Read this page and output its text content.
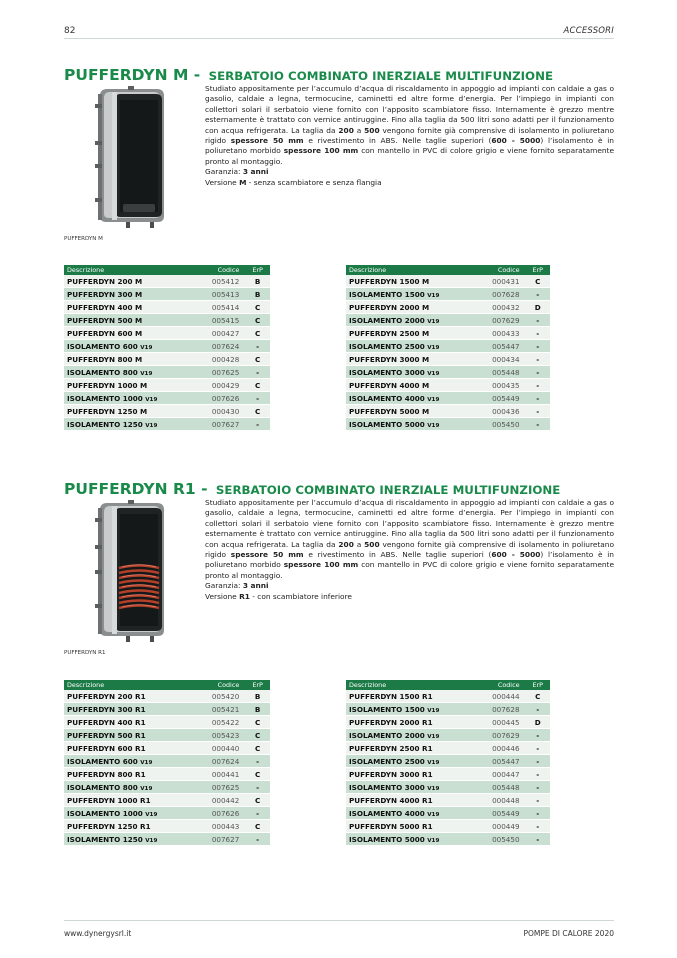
82	ACCESSORI
PUFFERDYN M - SERBATOIO COMBINATO INERZIALE MULTIFUNZIONE
PUFFERDYN M

Studiato appositamente per l’accumulo d’acqua di riscaldamento in appoggio ad impianti con caldaie a gas o gasolio, caldaie a legna, termocucine, caminetti ed altre forme d’energia. Per l’impiego in impianti con collettori solari il serbatoio viene fornito con l’apposito scambiatore fisso. Internamente è grezzo mentre esternamente è trattato con vernice antiruggine. Fino alla taglia da 500 litri sono adatti per il funzionamento con acqua refrigerata. La taglia da 200 a 500 vengono fornite già comprensive di isolamento in poliuretano rigido spessore 50 mm e rivestimento in ABS. Nelle taglie superiori (600 - 5000) l’isolamento è in poliuretano morbido spessore 100 mm con mantello in PVC di colore grigio e viene fornito separatamente pronto al montaggio.

Garanzia: 3 anni

Versione M - senza scambiatore e senza flangia

Descrizione	Codice	ErP
PUFFERDYN 200 M	005412	B
PUFFERDYN 300 M	005413	B
PUFFERDYN 400 M	005414	C
PUFFERDYN 500 M	005415	C
PUFFERDYN 600 M	000427	C
ISOLAMENTO 600 V19	007624	-
PUFFERDYN 800 M	000428	C
ISOLAMENTO 800 V19	007625	-
PUFFERDYN 1000 M	000429	C
ISOLAMENTO 1000 V19	007626	-
PUFFERDYN 1250 M	000430	C
ISOLAMENTO 1250 V19	007627	-
Descrizione	Codice	ErP
PUFFERDYN 1500 M	000431	C
ISOLAMENTO 1500 V19	007628	-
PUFFERDYN 2000 M	000432	D
ISOLAMENTO 2000 V19	007629	-
PUFFERDYN 2500 M	000433	-
ISOLAMENTO 2500 V19	005447	-
PUFFERDYN 3000 M	000434	-
ISOLAMENTO 3000 V19	005448	-
PUFFERDYN 4000 M	000435	-
ISOLAMENTO 4000 V19	005449	-
PUFFERDYN 5000 M	000436	-
ISOLAMENTO 5000 V19	005450	-
PUFFERDYN R1 - SERBATOIO COMBINATO INERZIALE MULTIFUNZIONE
PUFFERDYN R1

Studiato appositamente per l’accumulo d’acqua di riscaldamento in appoggio ad impianti con caldaie a gas o gasolio, caldaie a legna, termocucine, caminetti ed altre forme d’energia. Per l’impiego in impianti con collettori solari il serbatoio viene fornito con l’apposito scambiatore fisso. Internamente è grezzo mentre esternamente è trattato con vernice antiruggine. Fino alla taglia da 500 litri sono adatti per il funzionamento con acqua refrigerata. La taglia da 200 a 500 vengono fornite già comprensive di isolamento in poliuretano rigido spessore 50 mm e rivestimento in ABS. Nelle taglie superiori (600 - 5000) l’isolamento è in poliuretano morbido spessore 100 mm con mantello in PVC di colore grigio e viene fornito separatamente pronto al montaggio.

Garanzia: 3 anni

Versione R1 - con scambiatore inferiore

Descrizione	Codice	ErP
PUFFERDYN 200 R1	005420	B
PUFFERDYN 300 R1	005421	B
PUFFERDYN 400 R1	005422	C
PUFFERDYN 500 R1	005423	C
PUFFERDYN 600 R1	000440	C
ISOLAMENTO 600 V19	007624	-
PUFFERDYN 800 R1	000441	C
ISOLAMENTO 800 V19	007625	-
PUFFERDYN 1000 R1	000442	C
ISOLAMENTO 1000 V19	007626	-
PUFFERDYN 1250 R1	000443	C
ISOLAMENTO 1250 V19	007627	-
Descrizione	Codice	ErP
PUFFERDYN 1500 R1	000444	C
ISOLAMENTO 1500 V19	007628	-
PUFFERDYN 2000 R1	000445	D
ISOLAMENTO 2000 V19	007629	-
PUFFERDYN 2500 R1	000446	-
ISOLAMENTO 2500 V19	005447	-
PUFFERDYN 3000 R1	000447	-
ISOLAMENTO 3000 V19	005448	-
PUFFERDYN 4000 R1	000448	-
ISOLAMENTO 4000 V19	005449	-
PUFFERDYN 5000 R1	000449	-
ISOLAMENTO 5000 V19	005450	-
www.dynergysrl.it	POMPE DI CALORE 2020
